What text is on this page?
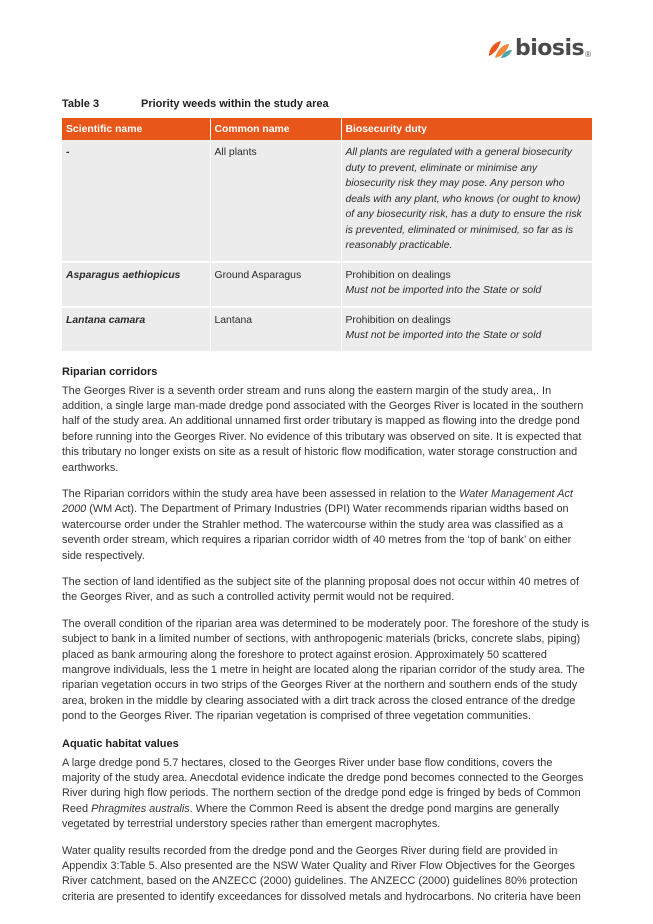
biosis ®
Table 3	Priority weeds within the study area
Scientific name	Common name	Biosecurity duty
-	All plants	All plants are regulated with a general biosecurity duty to prevent, eliminate or minimise any biosecurity risk they may pose. Any person who deals with any plant, who knows (or ought to know) of any biosecurity risk, has a duty to ensure the risk is prevented, eliminated or minimised, so far as is reasonably practicable.
Asparagus aethiopicus	Ground Asparagus	Prohibition on dealings
Must not be imported into the State or sold

Lantana camara	Lantana	Prohibition on dealings
Must not be imported into the State or sold
Riparian corridors

The Georges River is a seventh order stream and runs along the eastern margin of the study area,. In addition, a single large man-made dredge pond associated with the Georges River is located in the southern half of the study area. An additional unnamed first order tributary is mapped as flowing into the dredge pond before running into the Georges River. No evidence of this tributary was observed on site. It is expected that this tributary no longer exists on site as a result of historic flow modification, water storage construction and earthworks.

The Riparian corridors within the study area have been assessed in relation to the Water Management Act 2000 (WM Act). The Department of Primary Industries (DPI) Water recommends riparian widths based on watercourse order under the Strahler method. The watercourse within the study area was classified as a seventh order stream, which requires a riparian corridor width of 40 metres from the ‘top of bank’ on either side respectively.

The section of land identified as the subject site of the planning proposal does not occur within 40 metres of the Georges River, and as such a controlled activity permit would not be required.

The overall condition of the riparian area was determined to be moderately poor. The foreshore of the study is subject to bank in a limited number of sections, with anthropogenic materials (bricks, concrete slabs, piping) placed as bank armouring along the foreshore to protect against erosion. Approximately 50 scattered mangrove individuals, less the 1 metre in height are located along the riparian corridor of the study area. The riparian vegetation occurs in two strips of the Georges River at the northern and southern ends of the study area, broken in the middle by clearing associated with a dirt track across the closed entrance of the dredge pond to the Georges River. The riparian vegetation is comprised of three vegetation communities.

Aquatic habitat values

A large dredge pond 5.7 hectares, closed to the Georges River under base flow conditions, covers the majority of the study area. Anecdotal evidence indicate the dredge pond becomes connected to the Georges River during high flow periods. The northern section of the dredge pond edge is fringed by beds of Common Reed Phragmites australis. Where the Common Reed is absent the dredge pond margins are generally vegetated by terrestrial understory species rather than emergent macrophytes.

Water quality results recorded from the dredge pond and the Georges River during field are provided in Appendix 3:Table 5. Also presented are the NSW Water Quality and River Flow Objectives for the Georges River catchment, based on the ANZECC (2000) guidelines. The ANZECC (2000) guidelines 80% protection criteria are presented to identify exceedances for dissolved metals and hydrocarbons. No criteria have been
